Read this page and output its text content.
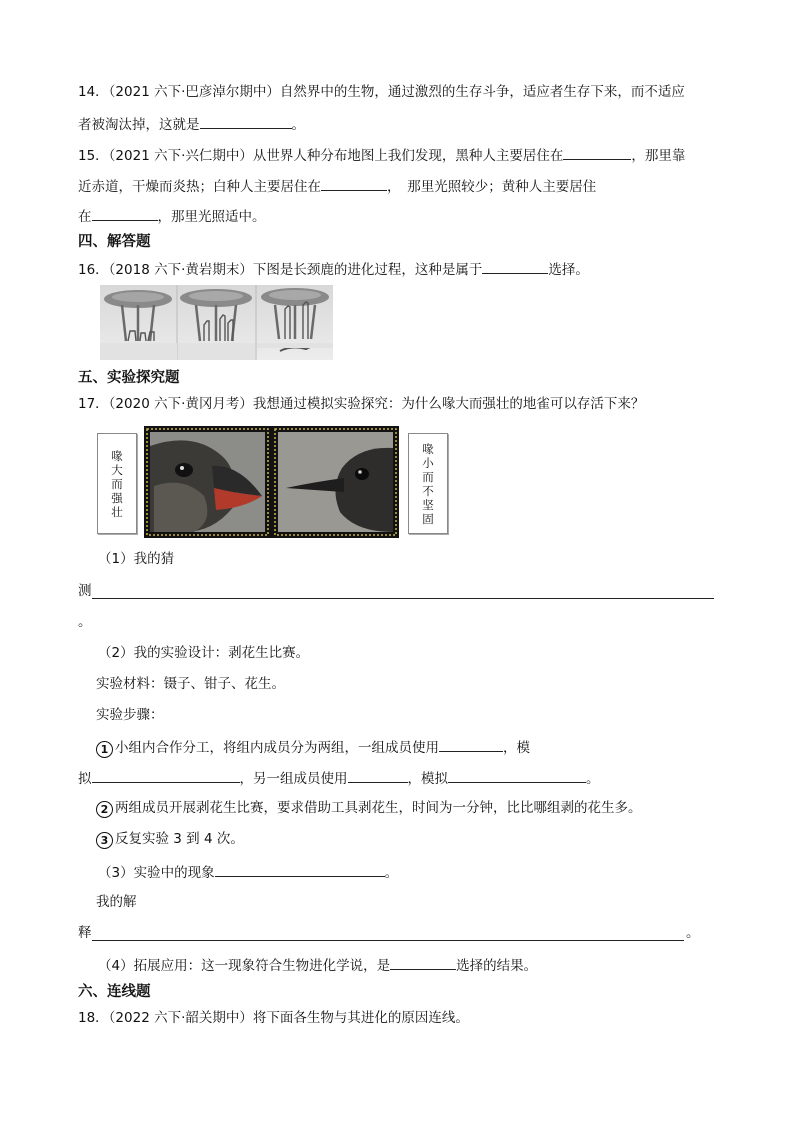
14．（2021 六下·巴彦淖尔期中）自然界中的生物，通过激烈的生存斗争，适应者生存下来，而不适应
者被淘汰掉，这就是	。
15．（2021 六下·兴仁期中）从世界人种分布地图上我们发现，黑种人主要居住在	，那里靠
近赤道，干燥而炎热；白种人主要居住在	，　那里光照较少；黄种人主要居住
在	，那里光照适中。
四、解答题
16．（2018 六下·黄岩期末）下图是长颈鹿的进化过程，这种是属于	选择。
五、实验探究题
17．（2020 六下·黄冈月考）我想通过模拟实验探究：为什么喙大而强壮的地雀可以存活下来？
喙大而强壮
喙小而不坚固
（1）我的猜
测
。
（2）我的实验设计：剥花生比赛。
实验材料：镊子、钳子、花生。
实验步骤：
1 小组内合作分工，将组内成员分为两组，一组成员使用	，模
拟	，另一组成员使用	，模拟	。
2 两组成员开展剥花生比赛，要求借助工具剥花生，时间为一分钟，比比哪组剥的花生多。
3 反复实验 3 到 4 次。
（3）实验中的现象	。
我的解
释	。
（4）拓展应用：这一现象符合生物进化学说，是	选择的结果。
六、连线题
18．（2022 六下·韶关期中）将下面各生物与其进化的原因连线。
